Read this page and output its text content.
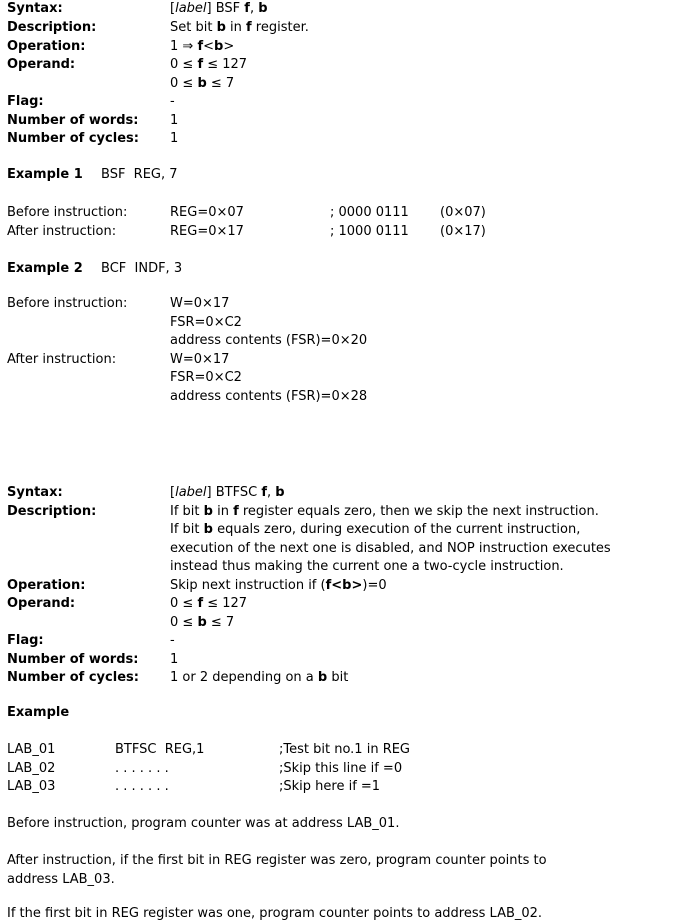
Syntax:	[label] BSF f, b
Description:	Set bit b in f register.
Operation:	1 ⇒ f<b>
Operand:	0 ≤ f ≤ 127
0 ≤ b ≤ 7
Flag:	-
Number of words: 1
Number of cycles: 1
Example 1 BSF  REG, 7
Before instruction:	REG=0×07	; 0000 0111 (0×07)
After instruction:	REG=0×17	; 1000 0111 (0×17)
Example 2 BCF  INDF, 3
Before instruction:	W=0×17
FSR=0×C2
address contents (FSR)=0×20
After instruction:	W=0×17
FSR=0×C2
address contents (FSR)=0×28
Syntax:	[label] BTFSC f, b
Description:	If bit b in f register equals zero, then we skip the next instruction.
If bit b equals zero, during execution of the current instruction,
execution of the next one is disabled, and NOP instruction executes
instead thus making the current one a two-cycle instruction.
Operation:	Skip next instruction if (f<b>)=0
Operand:	0 ≤ f ≤ 127
0 ≤ b ≤ 7
Flag:	-
Number of words: 1
Number of cycles: 1 or 2 depending on a b bit
Example
LAB_01	BTFSC  REG,1	;Test bit no.1 in REG
LAB_02	. . . . . . .	;Skip this line if =0
LAB_03	. . . . . . .	;Skip here if =1
Before instruction, program counter was at address LAB_01.
After instruction, if the first bit in REG register was zero, program counter points to
address LAB_03.
If the first bit in REG register was one, program counter points to address LAB_02.
